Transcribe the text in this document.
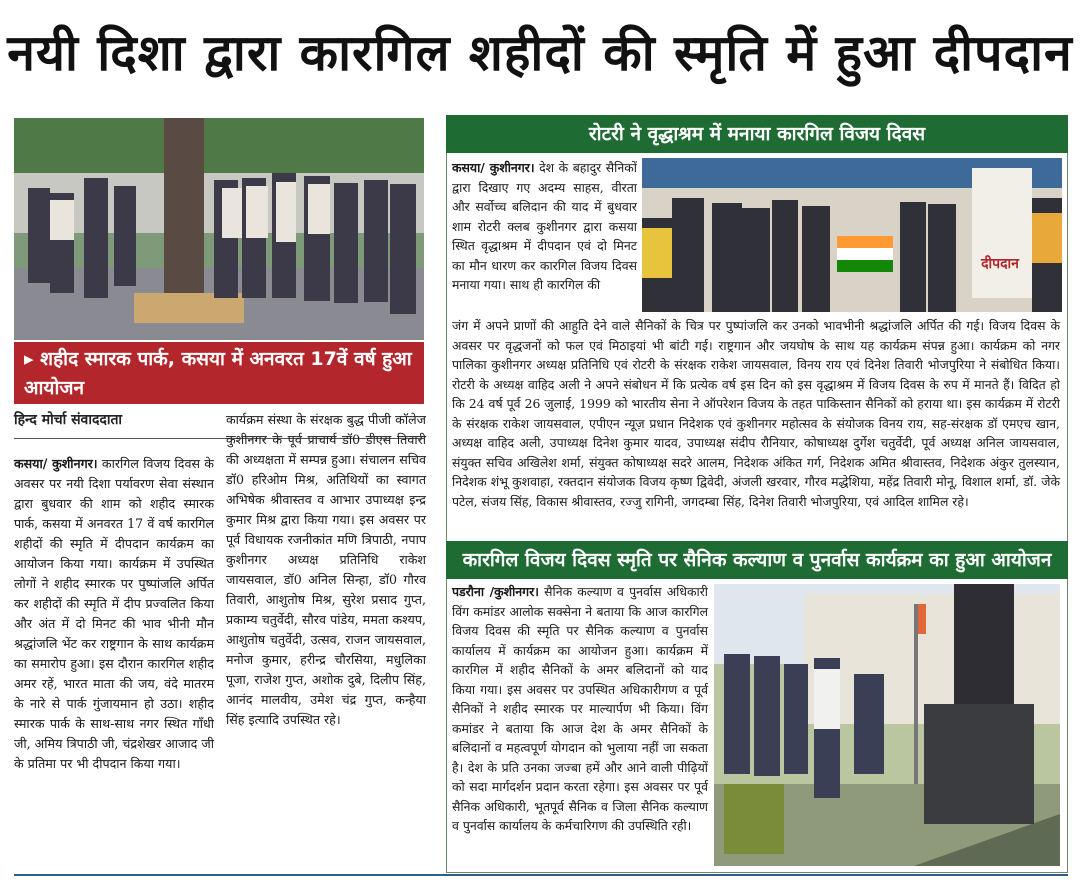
नयी दिशा द्वारा कारगिल शहीदों की स्मृति में हुआ दीपदान
▸ शहीद स्मारक पार्क, कसया में अनवरत 17वें वर्ष हुआ आयोजन
हिन्द मोर्चा संवाददाता
कसया/ कुशीनगर। कारगिल विजय दिवस के अवसर पर नयी दिशा पर्यावरण सेवा संस्थान द्वारा बुधवार की शाम को शहीद स्मारक पार्क, कसया में अनवरत 17 वें वर्ष कारगिल शहीदों की स्मृति में दीपदान कार्यक्रम का आयोजन किया गया। कार्यक्रम में उपस्थित लोगों ने शहीद स्मारक पर पुष्पांजलि अर्पित कर शहीदों की स्मृति में दीप प्रज्वलित किया और अंत में दो मिनट की भाव भीनी मौन श्रद्धांजलि भेंट कर राष्ट्रगान के साथ कार्यक्रम का समारोप हुआ। इस दौरान कारगिल शहीद अमर रहें, भारत माता की जय, वंदे मातरम के नारे से पार्क गुंजायमान हो उठा। शहीद स्मारक पार्क के साथ-साथ नगर स्थित गाँधी जी, अमिय त्रिपाठी जी, चंद्रशेखर आजाद जी के प्रतिमा पर भी दीपदान किया गया।
कार्यक्रम संस्था के संरक्षक बुद्ध पीजी कॉलेज कुशीनगर के पूर्व प्राचार्य डॉ0 डीएस तिवारी की अध्यक्षता में सम्पन्न हुआ। संचालन सचिव डॉ0 हरिओम मिश्र, अतिथियों का स्वागत अभिषेक श्रीवास्तव व आभार उपाध्यक्ष इन्द्र कुमार मिश्र द्वारा किया गया। इस अवसर पर पूर्व विधायक रजनीकांत मणि त्रिपाठी, नपाप कुशीनगर अध्यक्ष प्रतिनिधि राकेश जायसवाल, डॉ0 अनिल सिन्हा, डॉ0 गौरव तिवारी, आशुतोष मिश्र, सुरेश प्रसाद गुप्त, प्रकाम्य चतुर्वेदी, सौरव पांडेय, ममता कश्यप, आशुतोष चतुर्वेदी, उत्सव, राजन जायसवाल, मनोज कुमार, हरीन्द्र चौरसिया, मधुलिका पूजा, राजेश गुप्त, अशोक दुबे, दिलीप सिंह, आनंद मालवीय, उमेश चंद्र गुप्त, कन्हैया सिंह इत्यादि उपस्थित रहे।
रोटरी ने वृद्धाश्रम में मनाया कारगिल विजय दिवस
कसया/ कुशीनगर। देश के बहादुर सैनिकों द्वारा दिखाए गए अदम्य साहस, वीरता और सर्वोच्च बलिदान की याद में बुधवार शाम रोटरी क्लब कुशीनगर द्वारा कसया स्थित वृद्धाश्रम में दीपदान एवं दो मिनट का मौन धारण कर कारगिल विजय दिवस मनाया गया। साथ ही कारगिल की
दीपदान
जंग में अपने प्राणों की आहुति देने वाले सैनिकों के चित्र पर पुष्पांजलि कर उनको भावभीनी श्रद्धांजलि अर्पित की गई। विजय दिवस के अवसर पर वृद्धजनों को फल एवं मिठाइयां भी बांटी गई। राष्ट्रगान और जयघोष के साथ यह कार्यक्रम संपन्न हुआ। कार्यक्रम को नगर पालिका कुशीनगर अध्यक्ष प्रतिनिधि एवं रोटरी के संरक्षक राकेश जायसवाल, विनय राय एवं दिनेश तिवारी भोजपुरिया ने संबोधित किया। रोटरी के अध्यक्ष वाहिद अली ने अपने संबोधन में कि प्रत्येक वर्ष इस दिन को इस वृद्धाश्रम में विजय दिवस के रुप में मानते हैं। विदित हो कि 24 वर्ष पूर्व 26 जुलाई, 1999 को भारतीय सेना ने ऑपरेशन विजय के तहत पाकिस्तान सैनिकों को हराया था। इस कार्यक्रम में रोटरी के संरक्षक राकेश जायसवाल, एपीएन न्यूज़ प्रधान निदेशक एवं कुशीनगर महोत्सव के संयोजक विनय राय, सह-संरक्षक डॉ एमएच खान, अध्यक्ष वाहिद अली, उपाध्यक्ष दिनेश कुमार यादव, उपाध्यक्ष संदीप रौनियार, कोषाध्यक्ष दुर्गेश चतुर्वेदी, पूर्व अध्यक्ष अनिल जायसवाल, संयुक्त सचिव अखिलेश शर्मा, संयुक्त कोषाध्यक्ष सदरे आलम, निदेशक अंकित गर्ग, निदेशक अमित श्रीवास्तव, निदेशक अंकुर तुलस्यान, निदेशक शंभू कुशवाहा, रक्तदान संयोजक विजय कृष्ण द्विवेदी, अंजली खरवार, गौरव मद्धेशिया, महेंद्र तिवारी मोनू, विशाल शर्मा, डॉ. जेके पटेल, संजय सिंह, विकास श्रीवास्तव, रज्जु रागिनी, जगदम्बा सिंह, दिनेश तिवारी भोजपुरिया, एवं आदिल शामिल रहे।
कारगिल विजय दिवस स्मृति पर सैनिक कल्याण व पुनर्वास कार्यक्रम का हुआ आयोजन
पडरौना /कुशीनगर। सैनिक कल्याण व पुनर्वास अधिकारी विंग कमांडर आलोक सक्सेना ने बताया कि आज कारगिल विजय दिवस की स्मृति पर सैनिक कल्याण व पुनर्वास कार्यालय में कार्यक्रम का आयोजन हुआ। कार्यक्रम में कारगिल में शहीद सैनिकों के अमर बलिदानों को याद किया गया। इस अवसर पर उपस्थित अधिकारीगण व पूर्व सैनिकों ने शहीद स्मारक पर माल्यार्पण भी किया। विंग कमांडर ने बताया कि आज देश के अमर सैनिकों के बलिदानों व महत्वपूर्ण योगदान को भुलाया नहीं जा सकता है। देश के प्रति उनका जज्बा हमें और आने वाली पीढ़ियों को सदा मार्गदर्शन प्रदान करता रहेगा। इस अवसर पर पूर्व सैनिक अधिकारी, भूतपूर्व सैनिक व जिला सैनिक कल्याण व पुनर्वास कार्यालय के कर्मचारिगण की उपस्थिति रही।
